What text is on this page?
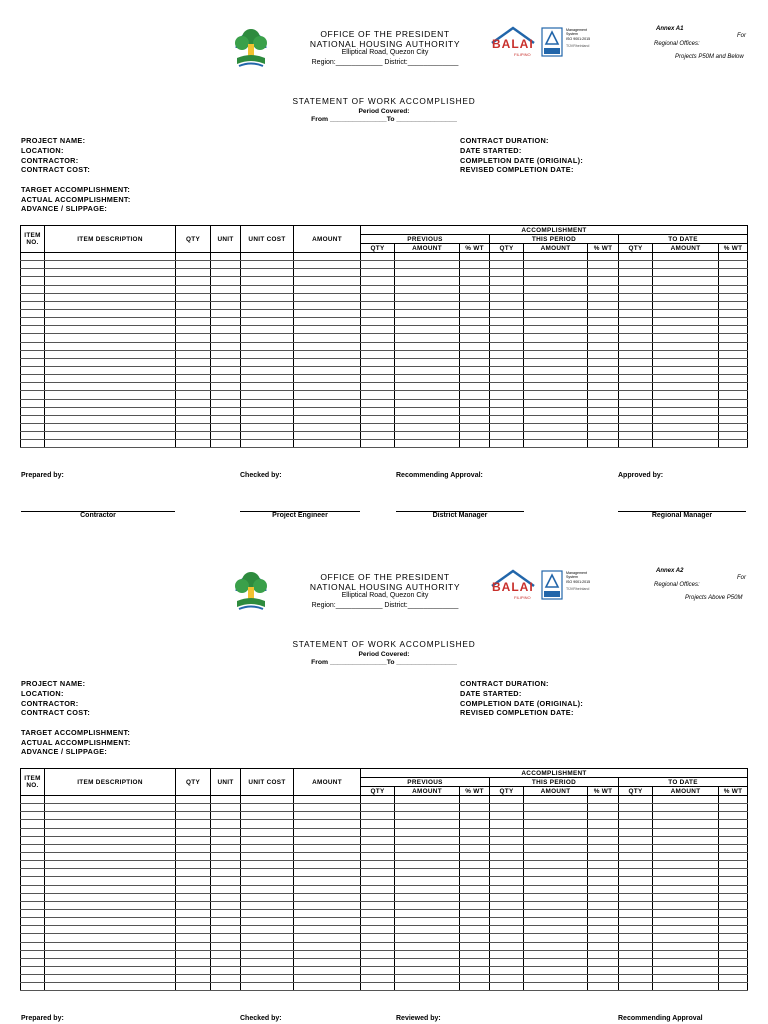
OFFICE OF THE PRESIDENT
NATIONAL HOUSING AUTHORITY
Elliptical Road, Quezon City
Region:____________ District:_____________
BALAI
FILIPINO
Management System
ISO 9001:2015
TÜVRheinland
Annex A1
For
Regional Offices:
Projects P50M and Below
STATEMENT OF WORK ACCOMPLISHED
Period Covered:
From _______________To ________________
PROJECT NAME:
LOCATION:
CONTRACTOR:
CONTRACT COST:
CONTRACT DURATION:
DATE STARTED:
COMPLETION DATE (ORIGINAL):
REVISED COMPLETION DATE:
TARGET ACCOMPLISHMENT:
ACTUAL ACCOMPLISHMENT:
ADVANCE / SLIPPAGE:
ITEM NO.	ITEM DESCRIPTION	QTY	UNIT	UNIT COST	AMOUNT	ACCOMPLISHMENT								
						PREVIOUS			THIS PERIOD			TO DATE		
						QTY	AMOUNT	% WT	QTY	AMOUNT	% WT	QTY	AMOUNT	% WT

Prepared by:	Checked by:	Recommending Approval:	Approved by:
Contractor	Project Engineer	District Manager	Regional Manager
OFFICE OF THE PRESIDENT
NATIONAL HOUSING AUTHORITY
Elliptical Road, Quezon City
Region:____________ District:_____________
BALAI
FILIPINO
Management System
ISO 9001:2015
TÜVRheinland
Annex A2
For
Regional Offices:
Projects Above P50M
STATEMENT OF WORK ACCOMPLISHED
Period Covered:
From _______________To ________________
PROJECT NAME:
LOCATION:
CONTRACTOR:
CONTRACT COST:
CONTRACT DURATION:
DATE STARTED:
COMPLETION DATE (ORIGINAL):
REVISED COMPLETION DATE:
TARGET ACCOMPLISHMENT:
ACTUAL ACCOMPLISHMENT:
ADVANCE / SLIPPAGE:
ITEM NO.	ITEM DESCRIPTION	QTY	UNIT	UNIT COST	AMOUNT	ACCOMPLISHMENT								
						PREVIOUS			THIS PERIOD			TO DATE		
						QTY	AMOUNT	% WT	QTY	AMOUNT	% WT	QTY	AMOUNT	% WT

Prepared by:	Checked by:	Reviewed by:	Recommending Approval
